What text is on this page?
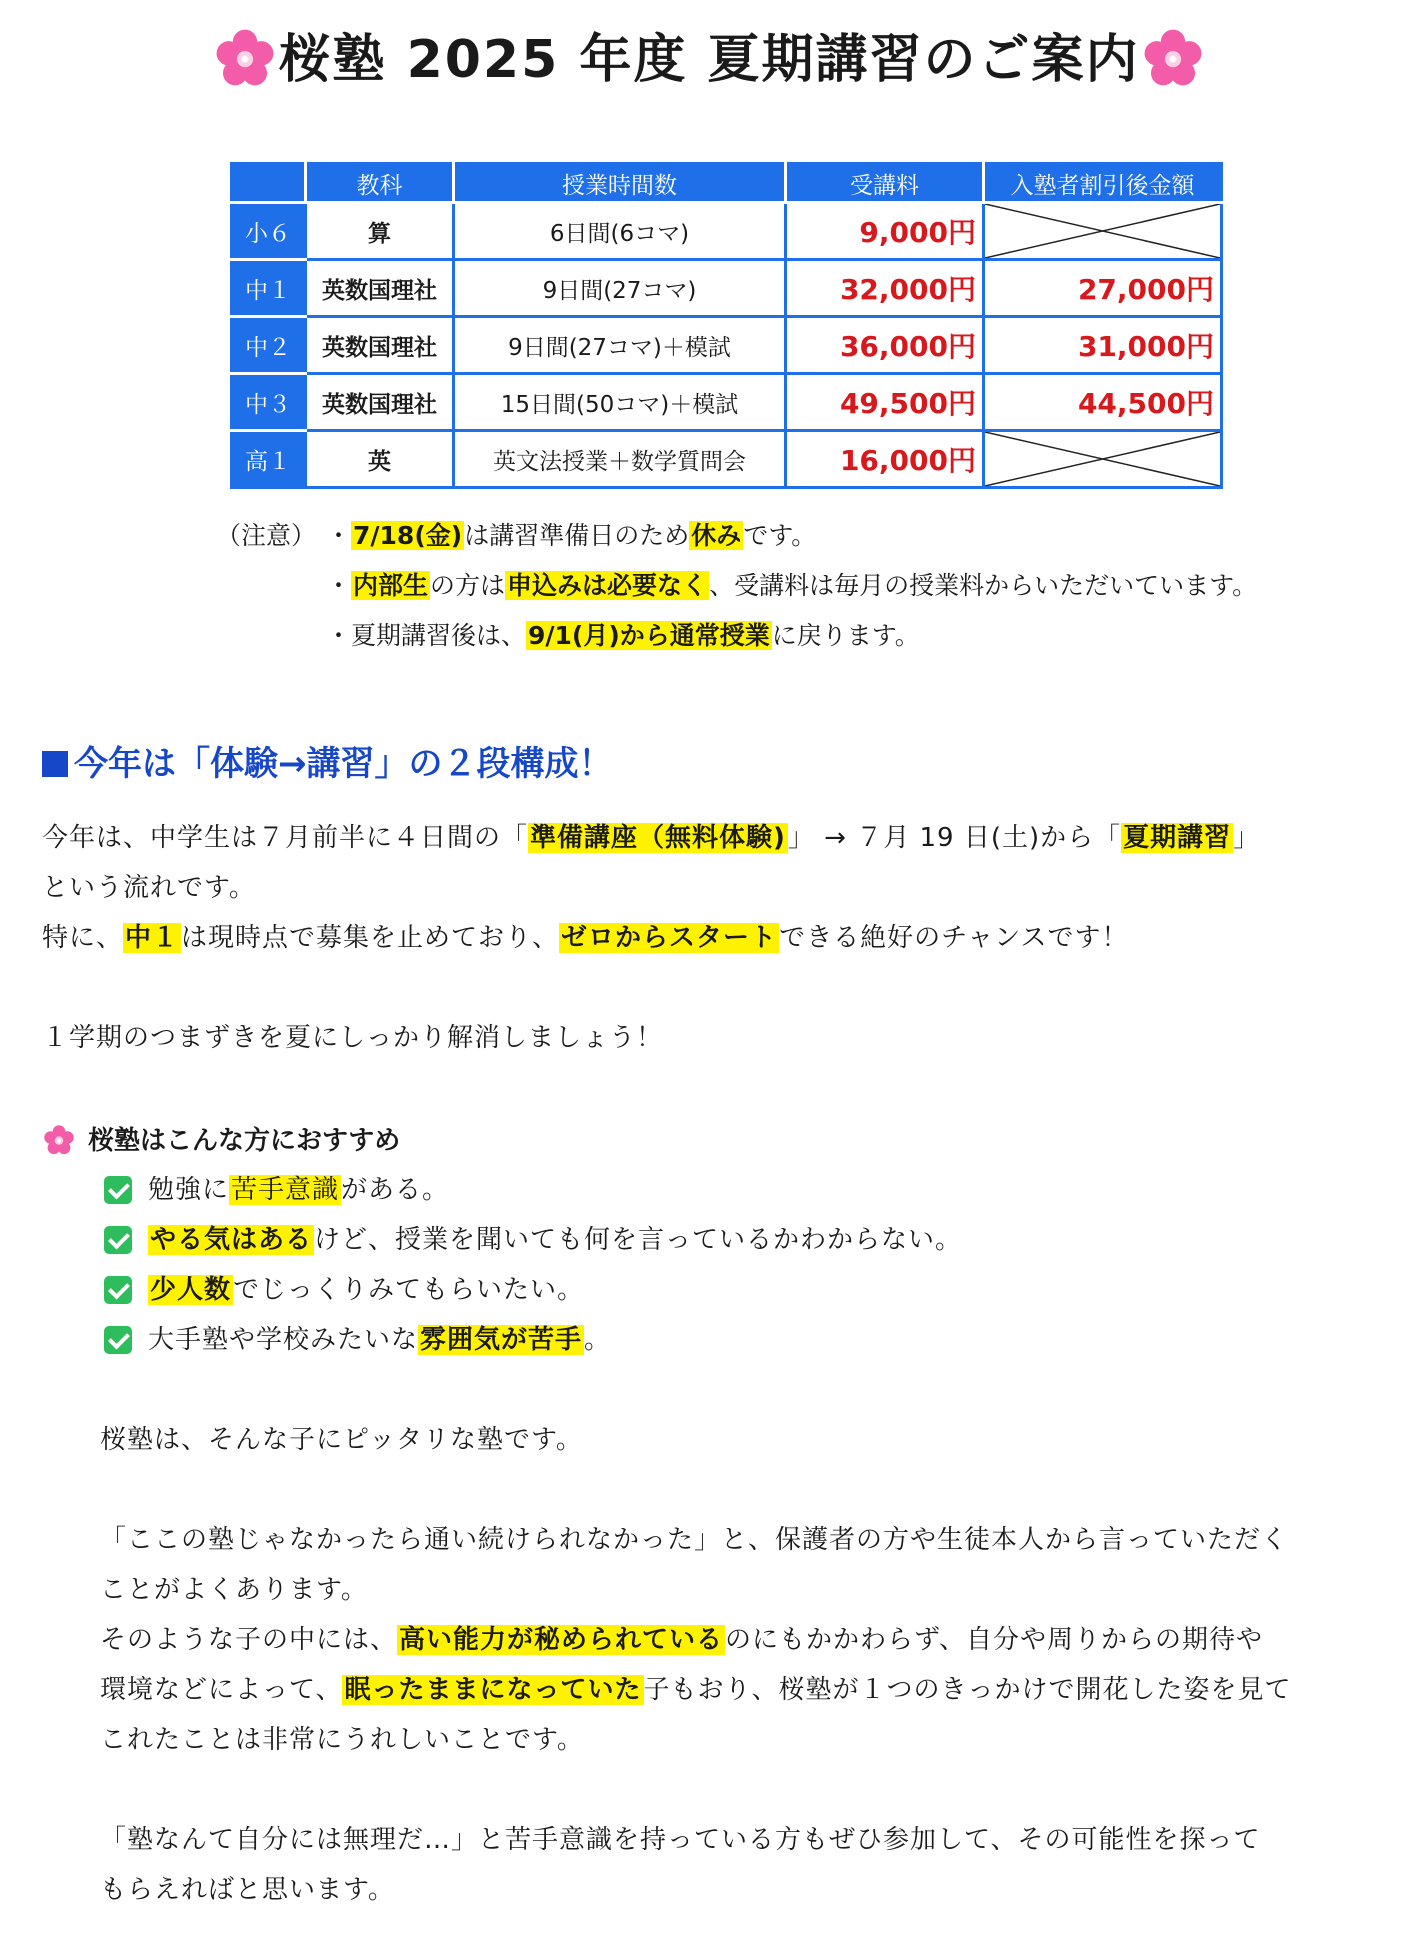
桜塾 2025 年度 夏期講習のご案内
	教科	授業時間数	受講料	入塾者割引後金額
小６	算	6日間(6コマ)	9,000円	

中１	英数国理社	9日間(27コマ)	32,000円	27,000円
中２	英数国理社	9日間(27コマ)＋模試	36,000円	31,000円
中３	英数国理社	15日間(50コマ)＋模試	49,500円	44,500円
高１	英	英文法授業＋数学質問会	16,000円	
（注意） ・7/18(金)は講習準備日のため休みです。
・内部生の方は申込みは必要なく、受講料は毎月の授業料からいただいています。
・夏期講習後は、9/1(月)から通常授業に戻ります。
今年は「体験→講習」の２段構成！
今年は、中学生は７月前半に４日間の「準備講座（無料体験)」 → ７月 19 日(土)から「夏期講習」
という流れです。
特に、中１は現時点で募集を止めており、ゼロからスタートできる絶好のチャンスです！
１学期のつまずきを夏にしっかり解消しましょう！
桜塾はこんな方におすすめ
勉強に苦手意識がある。
やる気はあるけど、授業を聞いても何を言っているかわからない。
少人数でじっくりみてもらいたい。
大手塾や学校みたいな雰囲気が苦手。
桜塾は、そんな子にピッタリな塾です。
「ここの塾じゃなかったら通い続けられなかった」と、保護者の方や生徒本人から言っていただく
ことがよくあります。
そのような子の中には、高い能力が秘められているのにもかかわらず、自分や周りからの期待や
環境などによって、眠ったままになっていた子もおり、桜塾が１つのきっかけで開花した姿を見て
これたことは非常にうれしいことです。
「塾なんて自分には無理だ…」と苦手意識を持っている方もぜひ参加して、その可能性を探って
もらえればと思います。
